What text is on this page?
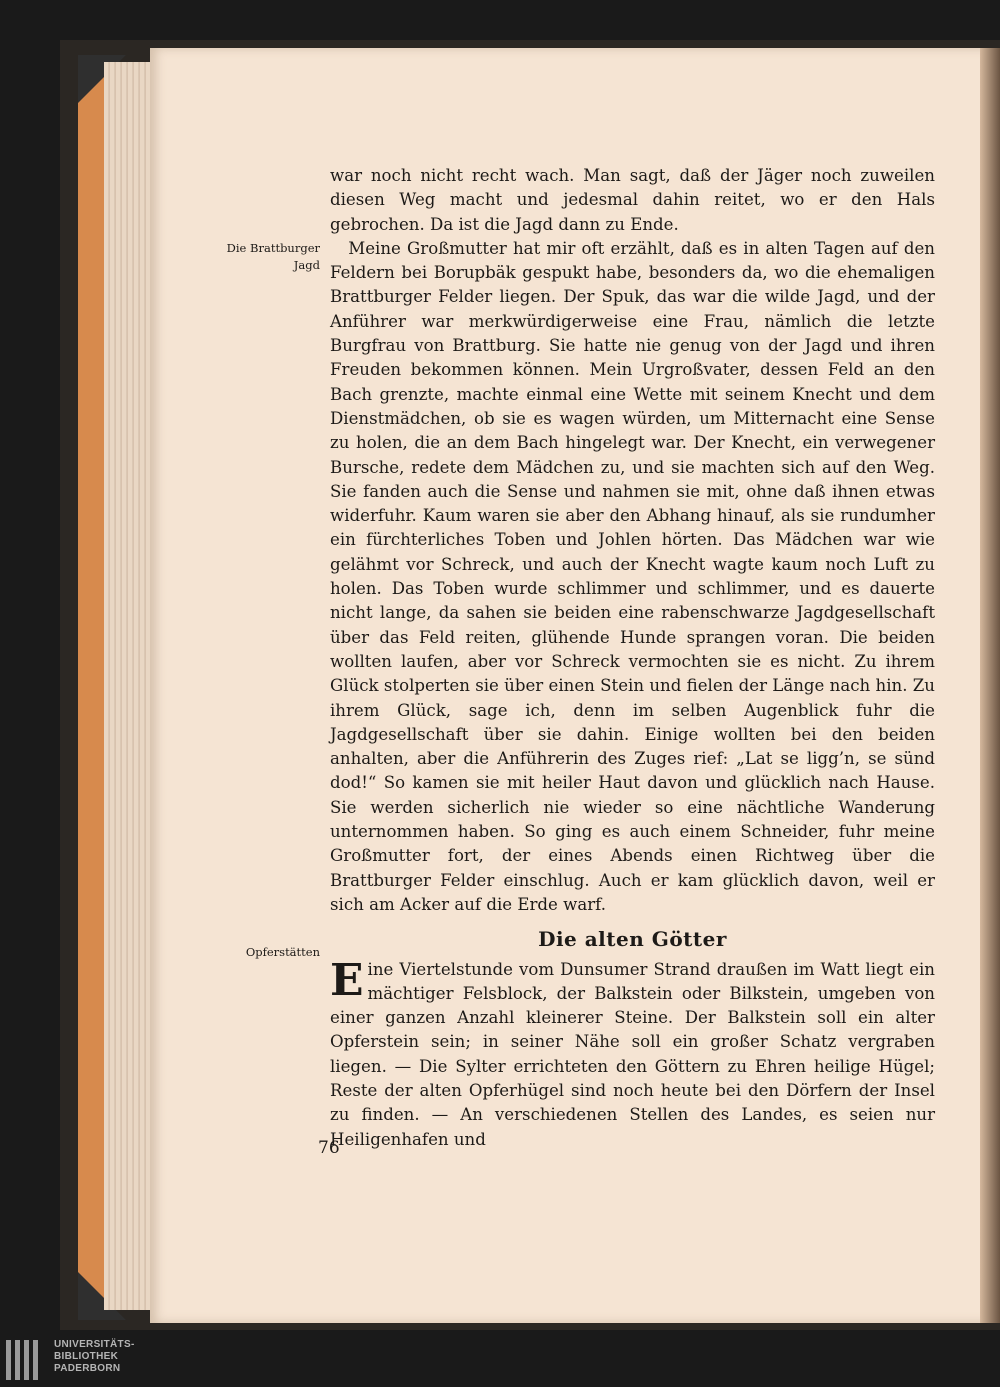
Die Brattburger Jagd
Opferstätten

war noch nicht recht wach. Man sagt, daß der Jäger noch zuweilen diesen Weg macht und jedesmal dahin reitet, wo er den Hals gebrochen. Da ist die Jagd dann zu Ende.

Meine Großmutter hat mir oft erzählt, daß es in alten Tagen auf den Feldern bei Borupbäk gespukt habe, besonders da, wo die ehemaligen Brattburger Felder liegen. Der Spuk, das war die wilde Jagd, und der Anführer war merkwürdigerweise eine Frau, nämlich die letzte Burgfrau von Brattburg. Sie hatte nie genug von der Jagd und ihren Freuden bekommen können. Mein Urgroßvater, dessen Feld an den Bach grenzte, machte einmal eine Wette mit seinem Knecht und dem Dienstmädchen, ob sie es wagen würden, um Mitternacht eine Sense zu holen, die an dem Bach hingelegt war. Der Knecht, ein verwegener Bursche, redete dem Mädchen zu, und sie machten sich auf den Weg. Sie fanden auch die Sense und nahmen sie mit, ohne daß ihnen etwas widerfuhr. Kaum waren sie aber den Abhang hinauf, als sie rundumher ein fürchterliches Toben und Johlen hörten. Das Mädchen war wie gelähmt vor Schreck, und auch der Knecht wagte kaum noch Luft zu holen. Das Toben wurde schlimmer und schlimmer, und es dauerte nicht lange, da sahen sie beiden eine rabenschwarze Jagdgesellschaft über das Feld reiten, glühende Hunde sprangen voran. Die beiden wollten laufen, aber vor Schreck vermochten sie es nicht. Zu ihrem Glück stolperten sie über einen Stein und fielen der Länge nach hin. Zu ihrem Glück, sage ich, denn im selben Augenblick fuhr die Jagdgesellschaft über sie dahin. Einige wollten bei den beiden anhalten, aber die Anführerin des Zuges rief: „Lat se ligg’n, se sünd dod!“ So kamen sie mit heiler Haut davon und glücklich nach Hause. Sie werden sicherlich nie wieder so eine nächtliche Wanderung unternommen haben. So ging es auch einem Schneider, fuhr meine Großmutter fort, der eines Abends einen Richtweg über die Brattburger Felder einschlug. Auch er kam glücklich davon, weil er sich am Acker auf die Erde warf.

Die alten Götter

Eine Viertelstunde vom Dunsumer Strand draußen im Watt liegt ein mächtiger Felsblock, der Balkstein oder Bilkstein, umgeben von einer ganzen Anzahl kleinerer Steine. Der Balkstein soll ein alter Opferstein sein; in seiner Nähe soll ein großer Schatz vergraben liegen. — Die Sylter errichteten den Göttern zu Ehren heilige Hügel; Reste der alten Opferhügel sind noch heute bei den Dörfern der Insel zu finden. — An verschiedenen Stellen des Landes, es seien nur Heiligenhafen und

76
UNIVERSITÄTS-
BIBLIOTHEK
PADERBORN
